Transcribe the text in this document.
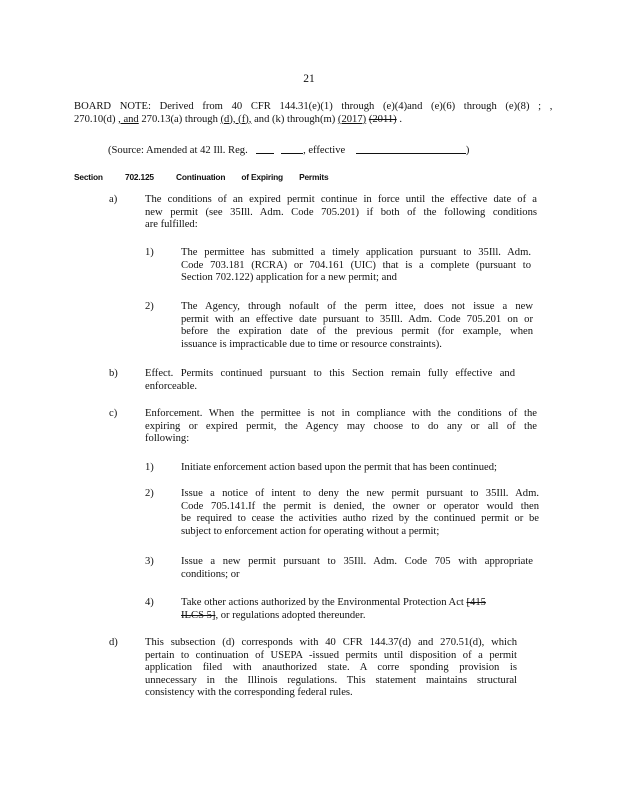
21
BOARD NOTE: Derived from 40 CFR 144.31(e)(1) through (e)(4)and (e)(6) through (e)(8) ; ,
270.10(d) , and 270.13(a) through (d), (f), and (k) through(m) (2017) (2011) .
(Source: Amended at 42 Ill. Reg.	, effective	)
Section	702.125	Continuation of Expiring Permits
a)	The conditions of an expired permit continue in force until the effective date of a
new permit (see 35Ill. Adm. Code 705.201) if both of the following conditions
are fulfilled:
1)	The permittee has submitted a timely application pursuant to 35Ill. Adm.
Code 703.181 (RCRA) or 704.161 (UIC) that is a complete (pursuant to
Section 702.122) application for a new permit; and
2)	The Agency, through nofault of the perm ittee, does not issue a new
permit with an effective date pursuant to 35Ill. Adm. Code 705.201 on or
before the expiration date of the previous permit (for example, when
issuance is impracticable due to time or resource constraints).
b)	Effect. Permits continued pursuant to this Section remain fully effective and
enforceable.
c)	Enforcement. When the permittee is not in compliance with the conditions of the
expiring or expired permit, the Agency may choose to do any or all of the
following:
1)	Initiate enforcement action based upon the permit that has been continued;
2)	Issue a notice of intent to deny the new permit pursuant to 35Ill. Adm.
Code 705.141.If the permit is denied, the owner or operator would then
be required to cease the activities autho rized by the continued permit or be
subject to enforcement action for operating without a permit;
3)	Issue a new permit pursuant to 35Ill. Adm. Code 705 with appropriate
conditions; or
4)	Take other actions authorized by the Environmental Protection Act [415 ILCS 5], or regulations adopted thereunder.
d)	This subsection (d) corresponds with 40 CFR 144.37(d) and 270.51(d), which
pertain to continuation of USEPA -issued permits until disposition of a permit
application filed with anauthorized state. A corre sponding provision is
unnecessary in the Illinois regulations. This statement maintains structural
consistency with the corresponding federal rules.
